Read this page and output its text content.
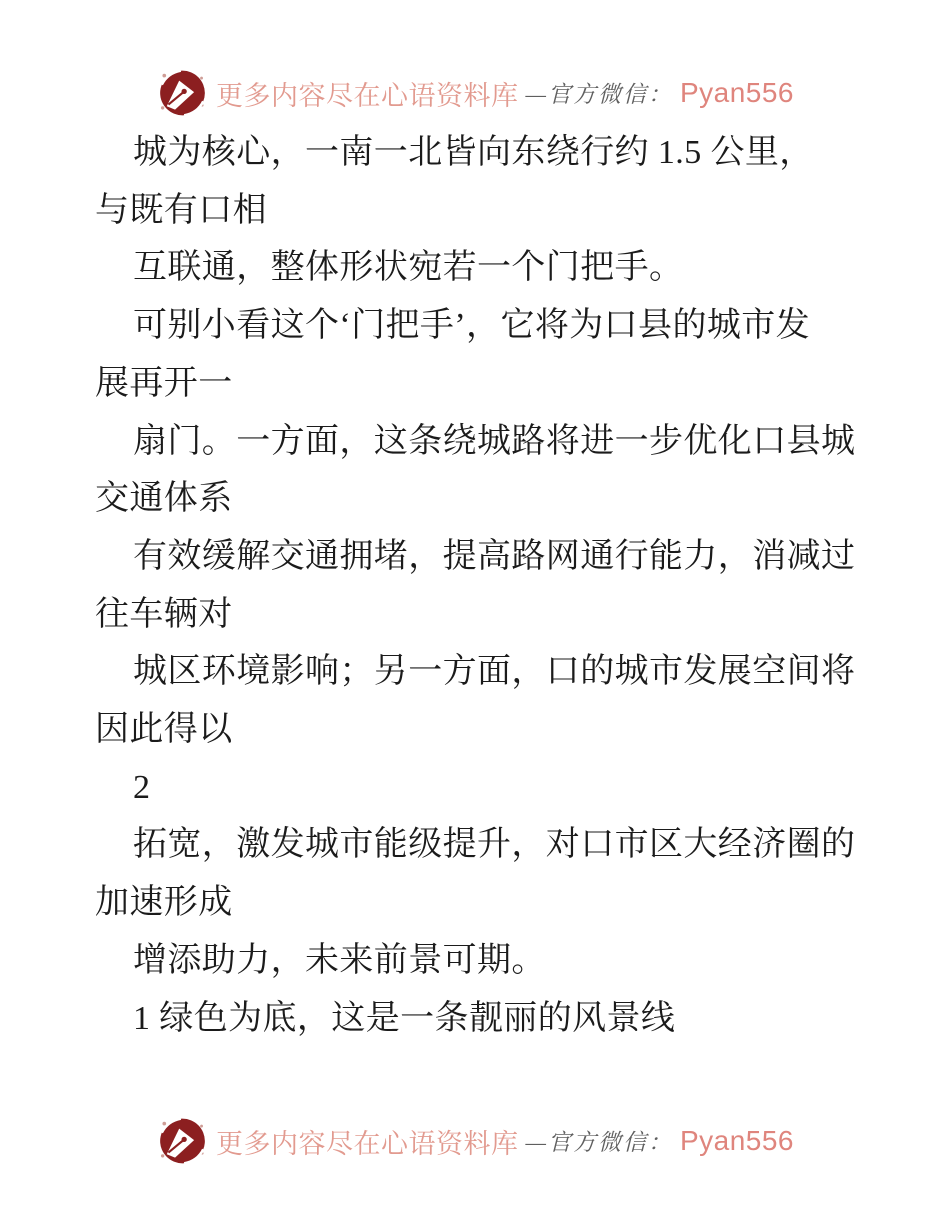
更多内容尽在心语资料库 —官方微信： Pyan556
城为核心，一南一北皆向东绕行约 1.5 公里，
与既有口相
互联通，整体形状宛若一个门把手。
可别小看这个‘门把手’，它将为口县的城市发
展再开一
扇门。一方面，这条绕城路将进一步优化口县城
交通体系
有效缓解交通拥堵，提高路网通行能力，消减过
往车辆对
城区环境影响；另一方面，口的城市发展空间将
因此得以
2
拓宽，激发城市能级提升，对口市区大经济圈的
加速形成
增添助力，未来前景可期。
1 绿色为底，这是一条靓丽的风景线
更多内容尽在心语资料库 —官方微信： Pyan556
